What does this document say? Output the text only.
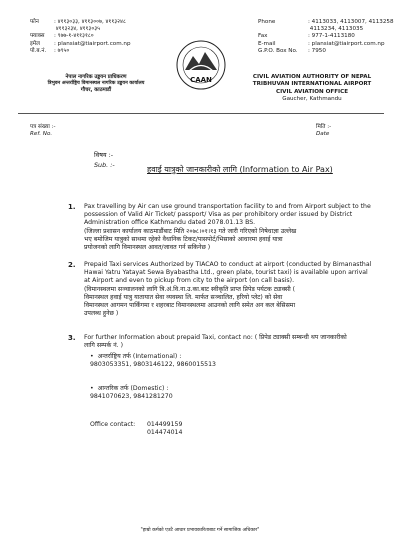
फोन	: ४११३०३३, ४११३००७, ४११३२४८
४११३२३४, ४११३०३५
फ्याक्स : ९७७-१-४११३१८०
इमेल	: plansiat@tiairport.com.np
पो.ब.नं. : ७९५०
नेपाल नागरिक उड्डयन प्राधिकरण
त्रिभुवन अन्तर्राष्ट्रिय विमानस्थल नागरिक उड्डयन कार्यालय
गौचर, काठमाडौं
CAAN
Phone	: 4113033, 4113007, 4113258
4113234, 4113035
Fax	: 977-1-4113180
E-mail	: plansiat@tiairport.com.np
G.P.O. Box No. : 7950
CIVIL AVIATION AUTHORITY OF NEPAL
TRIBHUVAN INTERNATIONAL AIRPORT
CIVIL AVIATION OFFICE
Gaucher, Kathmandu
पत्र संख्या :-
Ref. No.
मिति :-
Date
विषय :-
Sub. :-	हवाई यात्रुको जानकारीको लागि (Information to Air Pax)
1. Pax travelling by Air can use ground transportation facility to and from Airport subject to the
possession of Valid Air Ticket/ passport/ Visa as per prohibitory order issued by District
Administration office Kathmandu dated 2078.01.13 BS.
(जिल्ला प्रशासन कार्यालय काठमाडौंबाट मिति २०७८।०१।१३ गते जारी गरिएको निषेधाज्ञा उल्लेख
भए बमोजिम यात्रुको साथमा रहेको वैधानिक टिकट/पासपोर्ट/भिसाको आधारमा हवाई यात्रा
प्रयोजनको लागि विमानस्थल आवत/जावत गर्न सकिनेछ )
2. Prepaid Taxi services Authorized by TIACAO to conduct at airport (conducted by Bimanasthal
Hawai Yatru Yatayat Sewa Byabastha Ltd., green plate, tourist taxi) is available upon arrival
at Airport and even to pickup from city to the airport (on call basis).
(विमानस्थलमा सञ्चालनको लागि त्रि.अं.वि.ना.उ.का.बाट स्वीकृति प्राप्त प्रिपेड पर्यटक ट्याक्सी (
विमानस्थल हवाई यात्रु यातायात सेवा व्यवस्था लि. मार्फत सञ्चालित, हरियो प्लेट) को सेवा
विमानस्थल आगमन पार्किंगमा र शहरबाट विमानस्थलमा आउनको लागि समेत अन कल बेसिसमा
उपलब्ध हुनेछ )
3. For further Information about prepaid Taxi, contact no: ( प्रिपेड ट्याक्सी सम्बन्धी थप जानकारीको
लागि सम्पर्क नं. )
•  अन्तर्राष्ट्रिय तर्फ (International) :
9803053351, 9803146122, 9860015513
•  आन्तरिक तर्फ (Domestic) :
9841070623, 9841281270
Office contact: 014499159
014474014
"हाम्रो कर्मको एउटै आधार प्रभावकारिताबाट गर्ने सामाजिक अधिकार"
